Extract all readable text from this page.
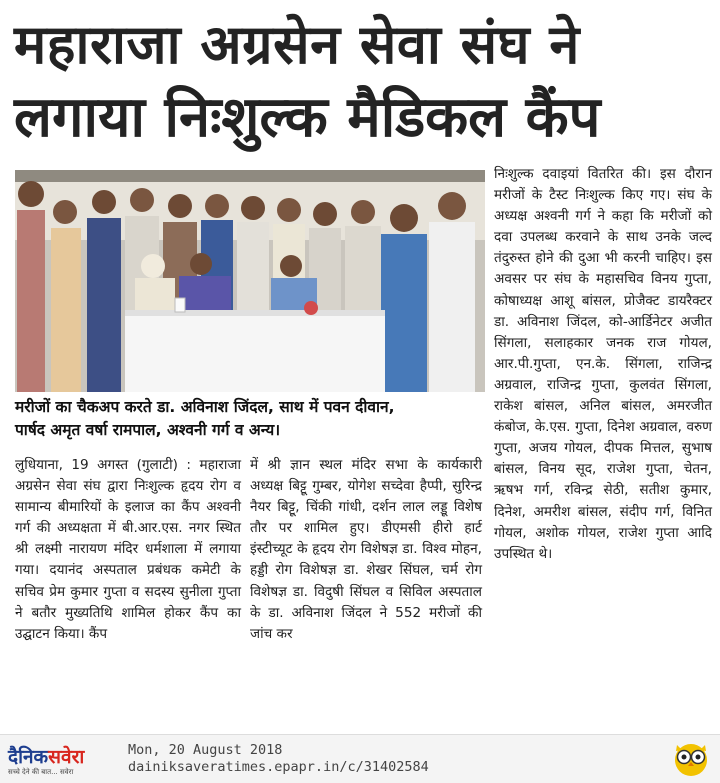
महाराजा अग्रसेन सेवा संघ ने
लगाया निःशुल्क मैडिकल कैंप
मरीजों का चैकअप करते डा. अविनाश जिंदल, साथ में पवन दीवान,
पार्षद अमृत वर्षा रामपाल, अश्वनी गर्ग व अन्य।
लुधियाना, 19 अगस्त (गुलाटी) : महाराजा अग्रसेन सेवा संघ द्वारा निःशुल्क हृदय रोग व सामान्य बीमारियों के इलाज का कैंप अश्वनी गर्ग की अध्यक्षता में बी.आर.एस. नगर स्थित श्री लक्ष्मी नारायण मंदिर धर्मशाला में लगाया गया। दयानंद अस्पताल प्रबंधक कमेटी के सचिव प्रेम कुमार गुप्ता व सदस्य सुनीला गुप्ता ने बतौर मुख्यतिथि शामिल होकर कैंप का उद्घाटन किया। कैंप
में श्री ज्ञान स्थल मंदिर सभा के कार्यकारी अध्यक्ष बिट्टू गुम्बर, योगेश सच्देवा हैप्पी, सुरिन्द्र नैयर बिट्टू, चिंकी गांधी, दर्शन लाल लड्डू विशेष तौर पर शामिल हुए। डीएमसी हीरो हार्ट इंस्टीच्यूट के हृदय रोग विशेषज्ञ डा. विश्व मोहन, हड्डी रोग विशेषज्ञ डा. शेखर सिंघल, चर्म रोग विशेषज्ञ डा. विदुषी सिंघल व सिविल अस्पताल के डा. अविनाश जिंदल ने 552 मरीजों की जांच कर
निःशुल्क दवाइयां वितरित की। इस दौरान मरीजों के टैस्ट निःशुल्क किए गए। संघ के अध्यक्ष अश्वनी गर्ग ने कहा कि मरीजों को दवा उपलब्ध करवाने के साथ उनके जल्द तंदुरुस्त होने की दुआ भी करनी चाहिए। इस अवसर पर संघ के महासचिव विनय गुप्ता, कोषाध्यक्ष आशू बांसल, प्रोजैक्ट डायरैक्टर डा. अविनाश जिंदल, को-आर्डिनेटर अजीत सिंगला, सलाहकार जनक राज गोयल, आर.पी.गुप्ता, एन.के. सिंगला, राजिन्द्र अग्रवाल, राजिन्द्र गुप्ता, कुलवंत सिंगला, राकेश बांसल, अनिल बांसल, अमरजीत कंबोज, के.एस. गुप्ता, दिनेश अग्रवाल, वरुण गुप्ता, अजय गोयल, दीपक मित्तल, सुभाष बांसल, विनय सूद, राजेश गुप्ता, चेतन, ऋषभ गर्ग, रविन्द्र सेठी, सतीश कुमार, दिनेश, अमरीश बांसल, संदीप गर्ग, विनित गोयल, अशोक गोयल, राजेश गुप्ता आदि उपस्थित थे।
दैनिकसवेरा
सच्चे देने की बात... सवेरा
Mon, 20 August 2018
dainiksaveratimes.epapr.in/c/31402584
